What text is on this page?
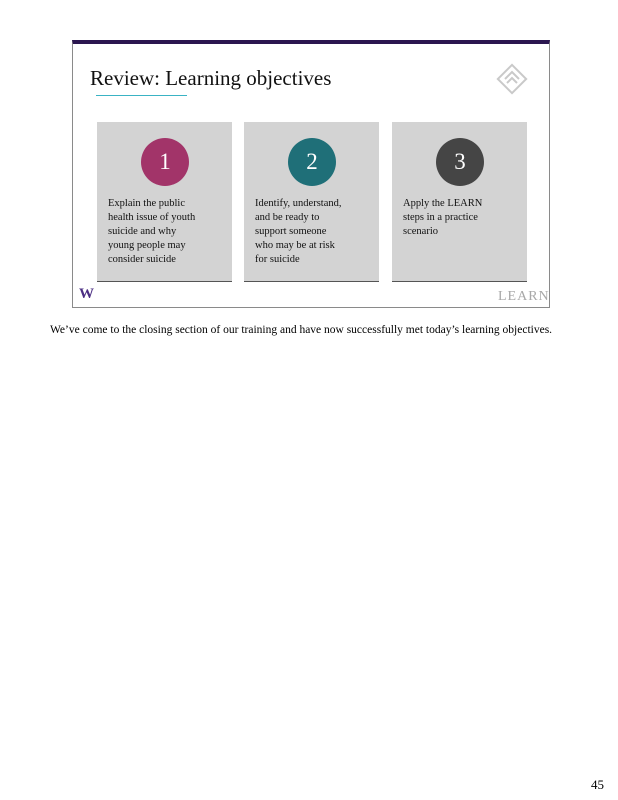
Review: Learning objectives
1
Explain the public
health issue of youth
suicide and why
young people may
consider suicide
2
Identify, understand,
and be ready to
support someone
who may be at risk
for suicide
3
Apply the LEARN
steps in a practice
scenario
W	LEARN
We’ve come to the closing section of our training and have now successfully met today’s learning objectives.
45
